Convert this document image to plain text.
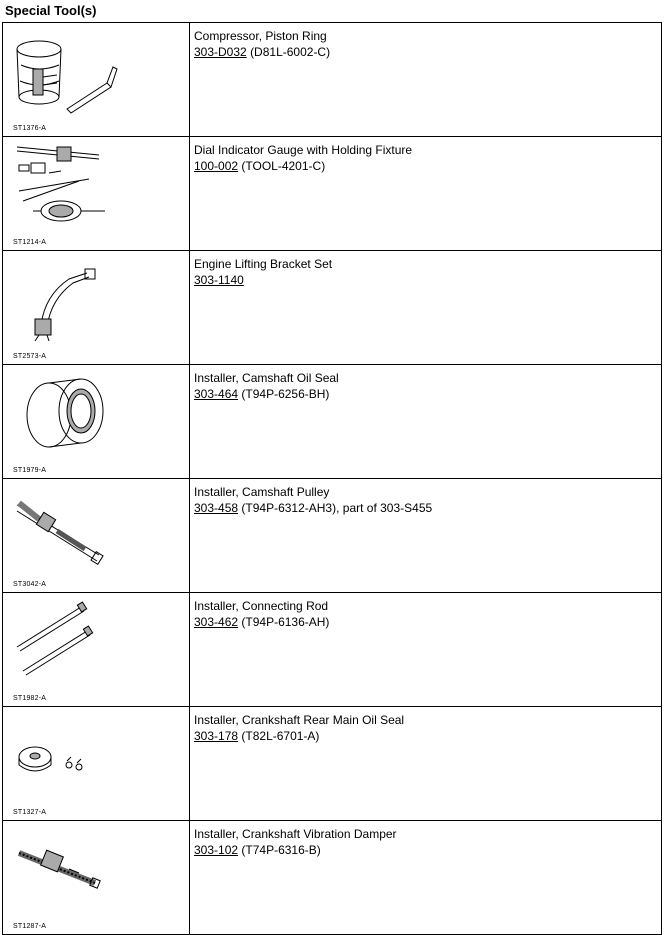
Special Tool(s)
ST1376-A	Compressor, Piston Ring
303-D032 (D81L-6002-C)

ST1214-A	Dial Indicator Gauge with Holding Fixture
100-002 (TOOL-4201-C)

ST2573-A	Engine Lifting Bracket Set
303-1140

ST1979-A	Installer, Camshaft Oil Seal
303-464 (T94P-6256-BH)

ST3042-A	Installer, Camshaft Pulley
303-458 (T94P-6312-AH3), part of 303-S455

ST1982-A	Installer, Connecting Rod
303-462 (T94P-6136-AH)

ST1327-A	Installer, Crankshaft Rear Main Oil Seal
303-178 (T82L-6701-A)

ST1287-A	Installer, Crankshaft Vibration Damper
303-102 (T74P-6316-B)
